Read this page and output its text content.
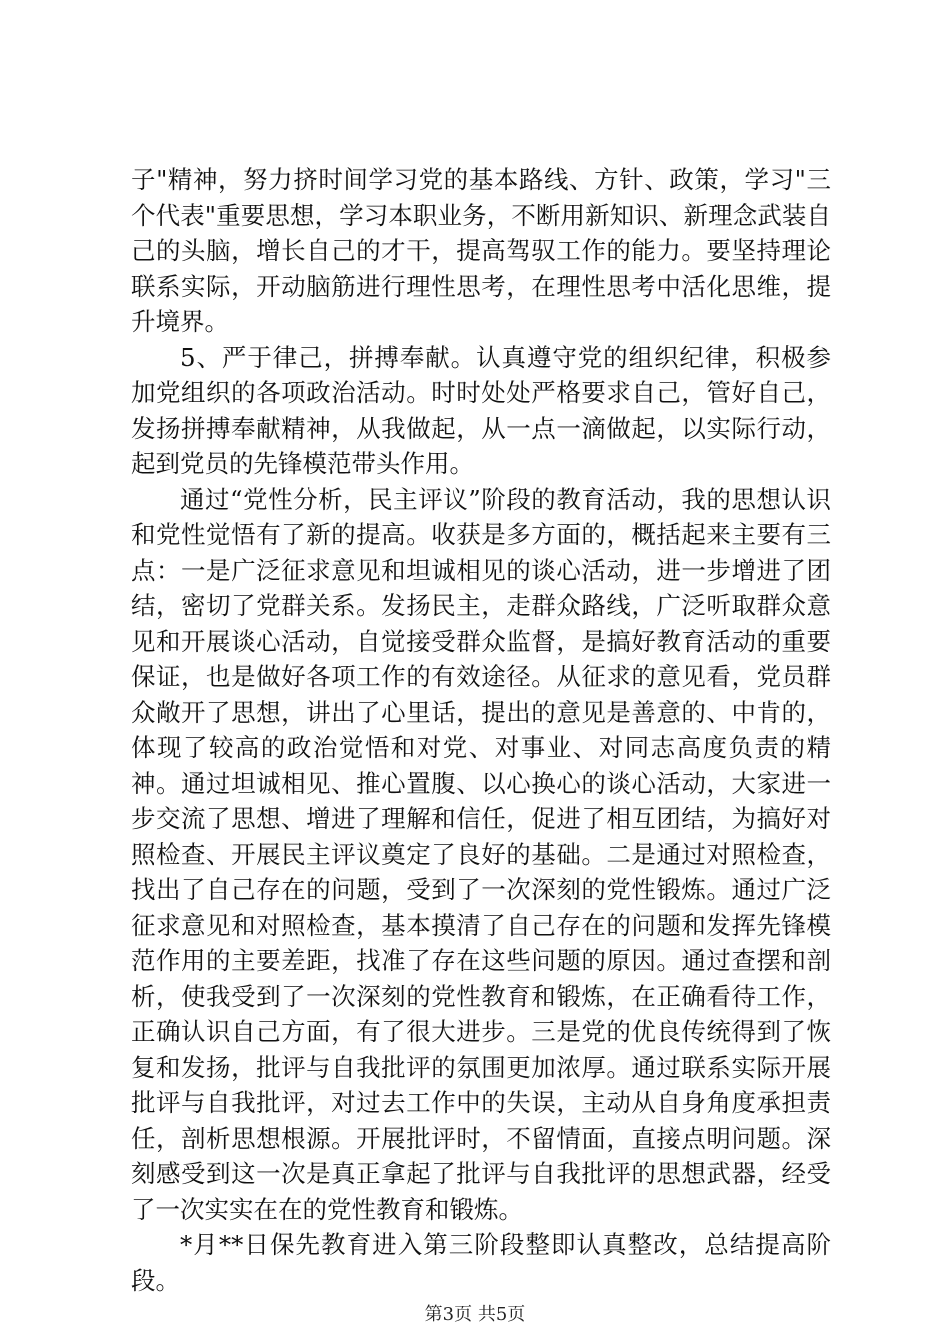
子"精神，努力挤时间学习党的基本路线、方针、政策，学习"三个代表"重要思想，学习本职业务，不断用新知识、新理念武装自己的头脑，增长自己的才干，提高驾驭工作的能力。要坚持理论联系实际，开动脑筋进行理性思考，在理性思考中活化思维，提升境界。

5、严于律己，拼搏奉献。认真遵守党的组织纪律，积极参加党组织的各项政治活动。时时处处严格要求自己，管好自己，发扬拼搏奉献精神，从我做起，从一点一滴做起，以实际行动，起到党员的先锋模范带头作用。

通过“党性分析，民主评议”阶段的教育活动，我的思想认识和党性觉悟有了新的提高。收获是多方面的，概括起来主要有三点：一是广泛征求意见和坦诚相见的谈心活动，进一步增进了团结，密切了党群关系。发扬民主，走群众路线，广泛听取群众意见和开展谈心活动，自觉接受群众监督，是搞好教育活动的重要保证，也是做好各项工作的有效途径。从征求的意见看，党员群众敞开了思想，讲出了心里话，提出的意见是善意的、中肯的，体现了较高的政治觉悟和对党、对事业、对同志高度负责的精神。通过坦诚相见、推心置腹、以心换心的谈心活动，大家进一步交流了思想、增进了理解和信任，促进了相互团结，为搞好对照检查、开展民主评议奠定了良好的基础。二是通过对照检查，找出了自己存在的问题，受到了一次深刻的党性锻炼。通过广泛征求意见和对照检查，基本摸清了自己存在的问题和发挥先锋模范作用的主要差距，找准了存在这些问题的原因。通过查摆和剖析，使我受到了一次深刻的党性教育和锻炼，在正确看待工作，正确认识自己方面，有了很大进步。三是党的优良传统得到了恢复和发扬，批评与自我批评的氛围更加浓厚。通过联系实际开展批评与自我批评，对过去工作中的失误，主动从自身角度承担责任，剖析思想根源。开展批评时，不留情面，直接点明问题。深刻感受到这一次是真正拿起了批评与自我批评的思想武器，经受了一次实实在在的党性教育和锻炼。

*月**日保先教育进入第三阶段整即认真整改，总结提高阶段。

第3页 共5页
